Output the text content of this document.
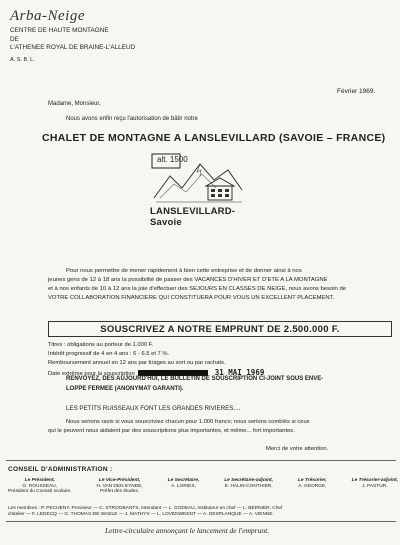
Arba-Neige
CENTRE DE HAUTE MONTAGNE
DE
L'ATHENEE ROYAL DE BRAINE-L'ALLEUD
A. S. B. L.
Février 1969.
Madame, Monsieur,
Nous avons enfin reçu l'autorisation de bâtir notre
CHALET DE MONTAGNE A LANSLEVILLARD (SAVOIE – FRANCE)
alt. 1500
LANSLEVILLARD-Savoie
Pour nous permettre de mener rapidement à bien cette entreprise et de donner ainsi à nos
jeunes gens de 12 à 18 ans la possibilité de passer des VACANCES D'HIVER ET D'ETE A LA MONTAGNE
et à nos enfants de 10 à 12 ans la joie d'effectuer des SEJOURS EN CLASSES DE NEIGE, nous avons besoin de
VOTRE COLLABORATION FINANCIERE QUI CONSTITUERA POUR VOUS UN EXCELLENT PLACEMENT.
SOUSCRIVEZ A NOTRE EMPRUNT DE 2.500.000 F.
Titres : obligations au porteur de 1.000 F.
Intérêt progressif de 4 en 4 ans : 6 - 6.5 et 7 %.
Remboursement annuel en 12 ans par tirages au sort ou par rachats.
Date extrême pour la souscription	31 MAI 1969
RENVOYEZ, DES AUJOURD'HUI, LE BULLETIN DE SOUSCRIPTION CI-JOINT SOUS ENVE-
LOPPE FERMEE (ANONYMAT GARANTI).
LES PETITS RUISSEAUX FONT LES GRANDES RIVIERES....
Nous serions ravis si vous souscriviez chacun pour 1.000 francs; nous serions comblés si ceux
qui le peuvent nous aidaient par des souscriptions plus importantes, et même... fort importantes.
Merci de votre attention.
CONSEIL D'ADMINISTRATION :
Le Président,
G. ROUSSEAU,
Président du Conseil scolaire.
Le Vice-Président,
H. VAN DEN EYNDE,
Préfet des études.
Le Secrétaire,
A. LORIES,
Le Secrétaire-adjoint,
E. HALIN-CONTHIER,
Le Trésorier,
A. GEORGE,
Le Trésorier-adjoint,
J. PASTUR.
Les membres : P. PECHENY, Proviseur — C. STROOBANTS, Intendant — L. GODEAU, Instituteur en chef — L. BERNIER, Chef
d'atelier — F. LEDECQ — G. THOMAS-DE WAELE — J. MATHYS — L. LOVENWEENT — A. DESPLANQUE — A. VIENNE.
Lettre-circulaire annonçant le lancement de l'emprunt.
